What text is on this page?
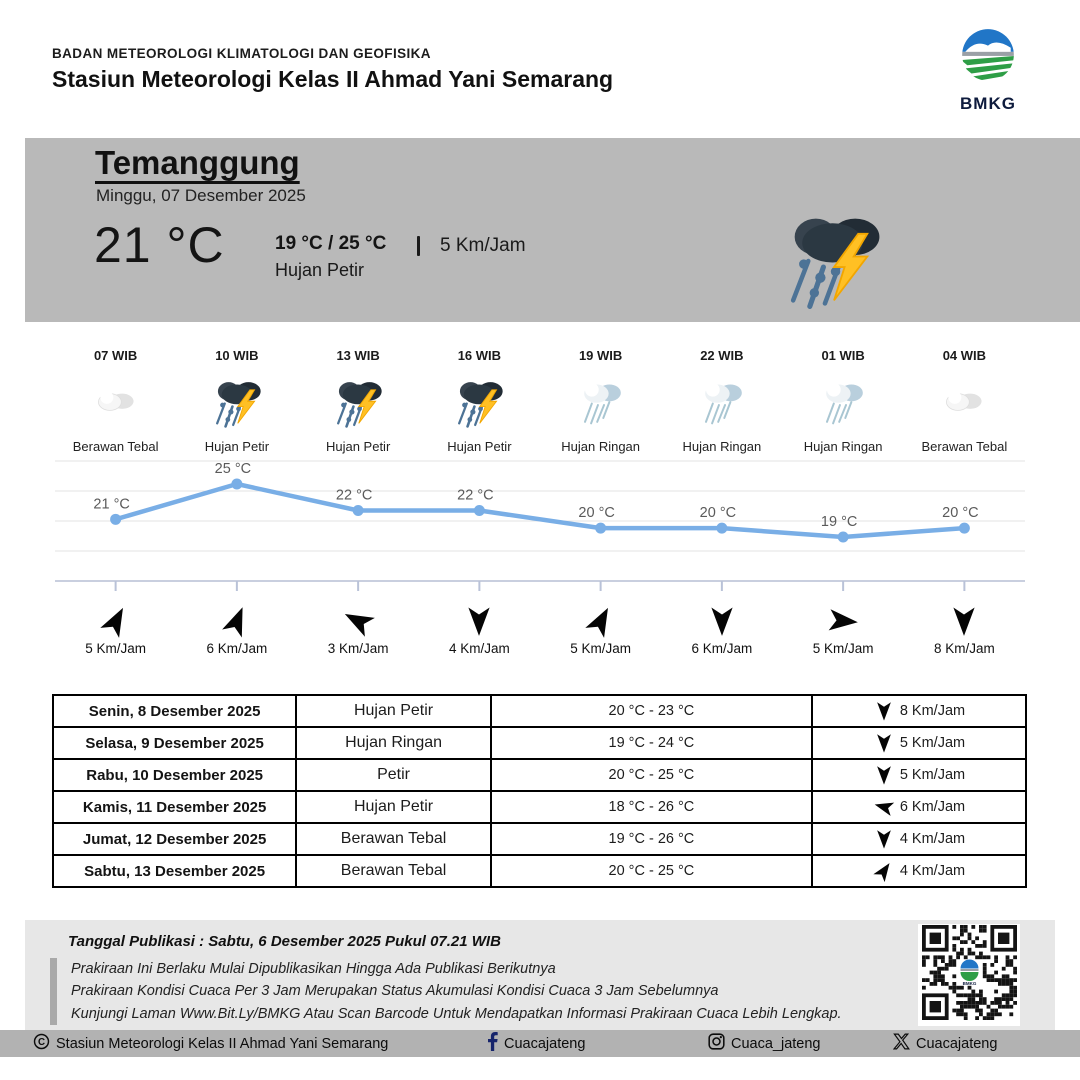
BADAN METEOROLOGI KLIMATOLOGI DAN GEOFISIKA
Stasiun Meteorologi Kelas II Ahmad Yani Semarang
BMKG
Temanggung
Minggu, 07 Desember 2025
21 °C	19 °C / 25 °C
Hujan Petir
5 Km/Jam
07 WIB
Berawan Tebal
10 WIB
Hujan Petir
13 WIB
Hujan Petir
16 WIB
Hujan Petir
19 WIB
Hujan Ringan
22 WIB
Hujan Ringan
01 WIB
Hujan Ringan
04 WIB
Berawan Tebal
21 °C
25 °C
22 °C	22 °C
20 °C	20 °C
19 °C
20 °C
5 Km/Jam	6 Km/Jam	3 Km/Jam	4 Km/Jam	5 Km/Jam	6 Km/Jam	5 Km/Jam	8 Km/Jam
Senin, 8 Desember 2025	Hujan Petir	20 °C - 23 °C	8 Km/Jam

Selasa, 9 Desember 2025	Hujan Ringan	19 °C - 24 °C	5 Km/Jam

Rabu, 10 Desember 2025	Petir	20 °C - 25 °C	5 Km/Jam

Kamis, 11 Desember 2025	Hujan Petir	18 °C - 26 °C	6 Km/Jam

Jumat, 12 Desember 2025	Berawan Tebal	19 °C - 26 °C	4 Km/Jam

Sabtu, 13 Desember 2025	Berawan Tebal	20 °C - 25 °C	4 Km/Jam
Tanggal Publikasi : Sabtu, 6 Desember 2025 Pukul 07.21 WIB
Prakiraan Ini Berlaku Mulai Dipublikasikan Hingga Ada Publikasi Berikutnya
Prakiraan Kondisi Cuaca Per 3 Jam Merupakan Status Akumulasi Kondisi Cuaca 3 Jam Sebelumnya
Kunjungi Laman Www.Bit.Ly/BMKG Atau Scan Barcode Untuk Mendapatkan Informasi Prakiraan Cuaca Lebih Lengkap.
BMKG
C Stasiun Meteorologi Kelas II Ahmad Yani Semarang	Cuacajateng	Cuaca_jateng	Cuacajateng
